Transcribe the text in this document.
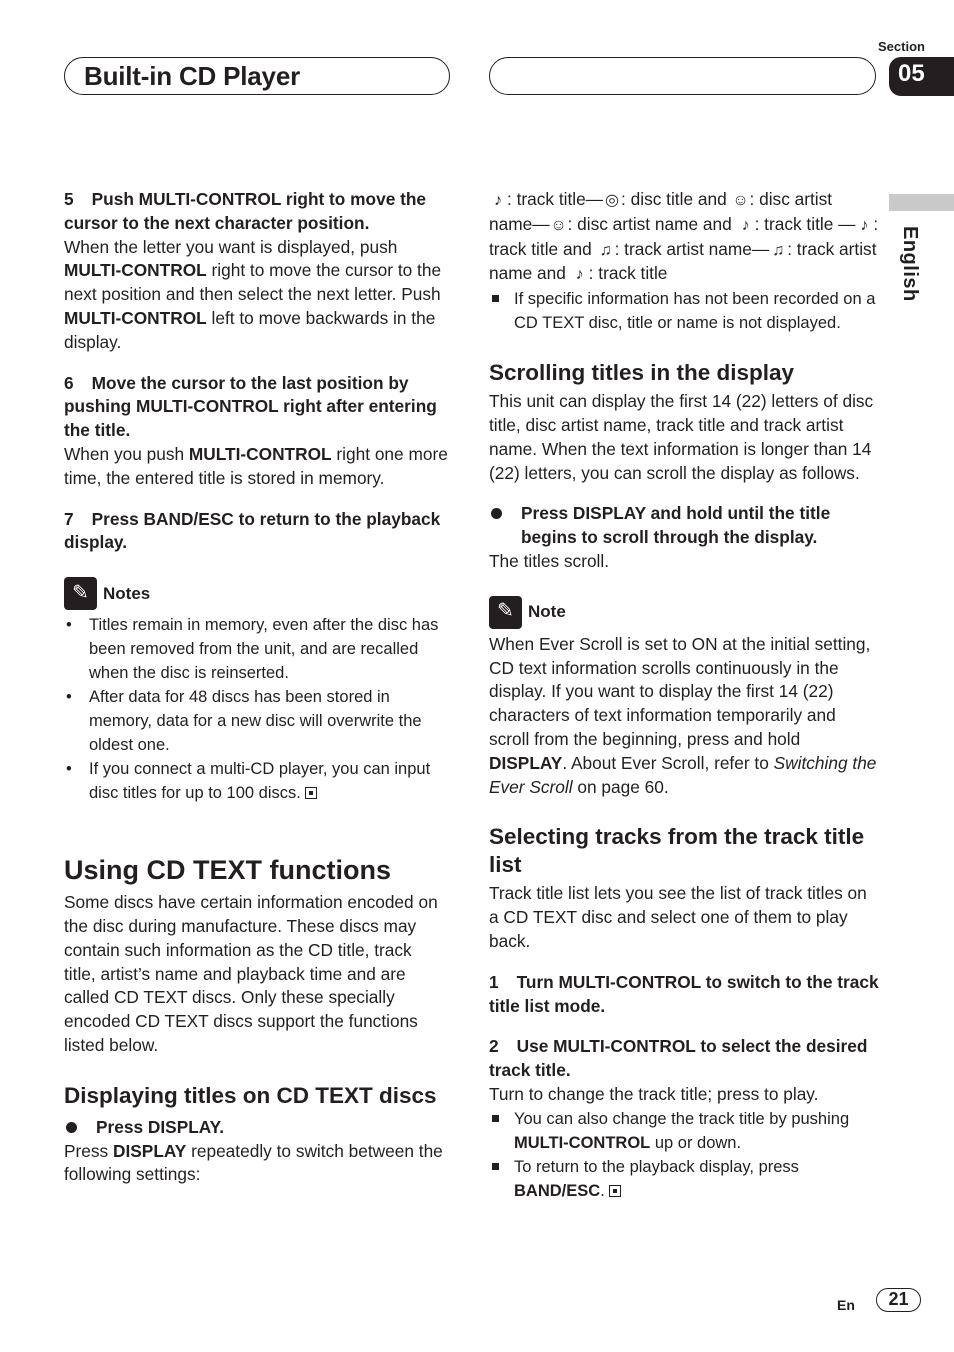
Built-in CD Player
Section
05
English

5 Push MULTI-CONTROL right to move the cursor to the next character position.

When the letter you want is displayed, push MULTI-CONTROL right to move the cursor to the next position and then select the next letter. Push MULTI-CONTROL left to move backwards in the display.

6 Move the cursor to the last position by pushing MULTI-CONTROL right after entering the title.

When you push MULTI-CONTROL right one more time, the entered title is stored in memory.

7 Press BAND/ESC to return to the playback display.

✎ Notes
• Titles remain in memory, even after the disc has been removed from the unit, and are recalled when the disc is reinserted.
• After data for 48 discs has been stored in memory, data for a new disc will overwrite the oldest one.
• If you connect a multi-CD player, you can input disc titles for up to 100 discs.
Using CD TEXT functions

Some discs have certain information encoded on the disc during manufacture. These discs may contain such information as the CD title, track title, artist’s name and playback time and are called CD TEXT discs. Only these specially encoded CD TEXT discs support the functions listed below.

Displaying titles on CD TEXT discs

Press DISPLAY.

Press DISPLAY repeatedly to switch between the following settings:

♪ : track title— ◎ : disc title and ☺: disc artist name—☺: disc artist name and ♪ : track title — ♪ : track title and ♫ : track artist name— ♫ : track artist name and ♪ : track title

If specific information has not been recorded on a CD TEXT disc, title or name is not displayed.

Scrolling titles in the display

This unit can display the first 14 (22) letters of disc title, disc artist name, track title and track artist name. When the text information is longer than 14 (22) letters, you can scroll the display as follows.

Press DISPLAY and hold until the title begins to scroll through the display.

The titles scroll.

✎ Note

When Ever Scroll is set to ON at the initial setting, CD text information scrolls continuously in the display. If you want to display the first 14 (22) characters of text information temporarily and scroll from the beginning, press and hold DISPLAY. About Ever Scroll, refer to Switching the Ever Scroll on page 60.

Selecting tracks from the track title list

Track title list lets you see the list of track titles on a CD TEXT disc and select one of them to play back.

1 Turn MULTI-CONTROL to switch to the track title list mode.

2 Use MULTI-CONTROL to select the desired track title.

Turn to change the track title; press to play.

You can also change the track title by pushing MULTI-CONTROL up or down.

To return to the playback display, press BAND/ESC.

En	21
